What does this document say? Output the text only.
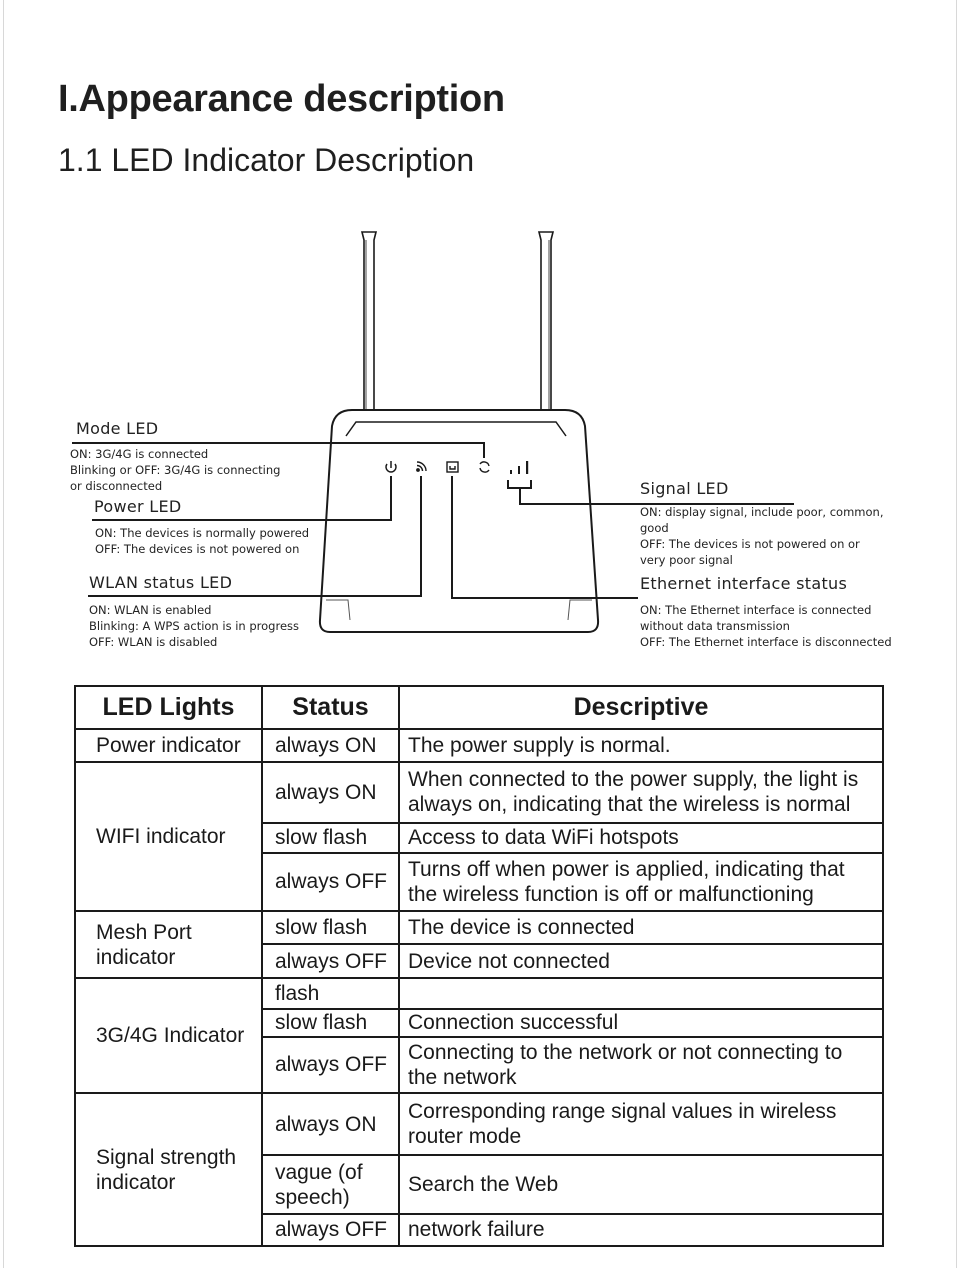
I.Appearance description
1.1 LED Indicator Description
Mode LED
ON: 3G/4G is connected
Blinking or OFF: 3G/4G is connecting
or disconnected
Power LED
ON: The devices is normally powered
OFF: The devices is not powered on
WLAN status LED
ON: WLAN is enabled
Blinking: A WPS action is in progress
OFF: WLAN is disabled
Signal LED
ON: display signal, include poor, common,
good
OFF: The devices is not powered on or
very poor signal
Ethernet interface status
ON: The Ethernet interface is connected
without data transmission
OFF: The Ethernet interface is disconnected
LED Lights	Status	Descriptive
Power indicator	always ON	The power supply is normal.
WIFI indicator	always ON	When connected to the power supply, the light is always on, indicating that the wireless is normal
	slow flash	Access to data WiFi hotspots
	always OFF	Turns off when power is applied, indicating that the wireless function is off or malfunctioning
Mesh Port indicator	slow flash	The device is connected
	always OFF	Device not connected
3G/4G Indicator	flash	
	slow flash	Connection successful
	always OFF	Connecting to the network or not connecting to the network
Signal strength indicator	always ON	Corresponding range signal values in wireless router mode
	vague (of speech)	Search the Web
	always OFF	network failure
